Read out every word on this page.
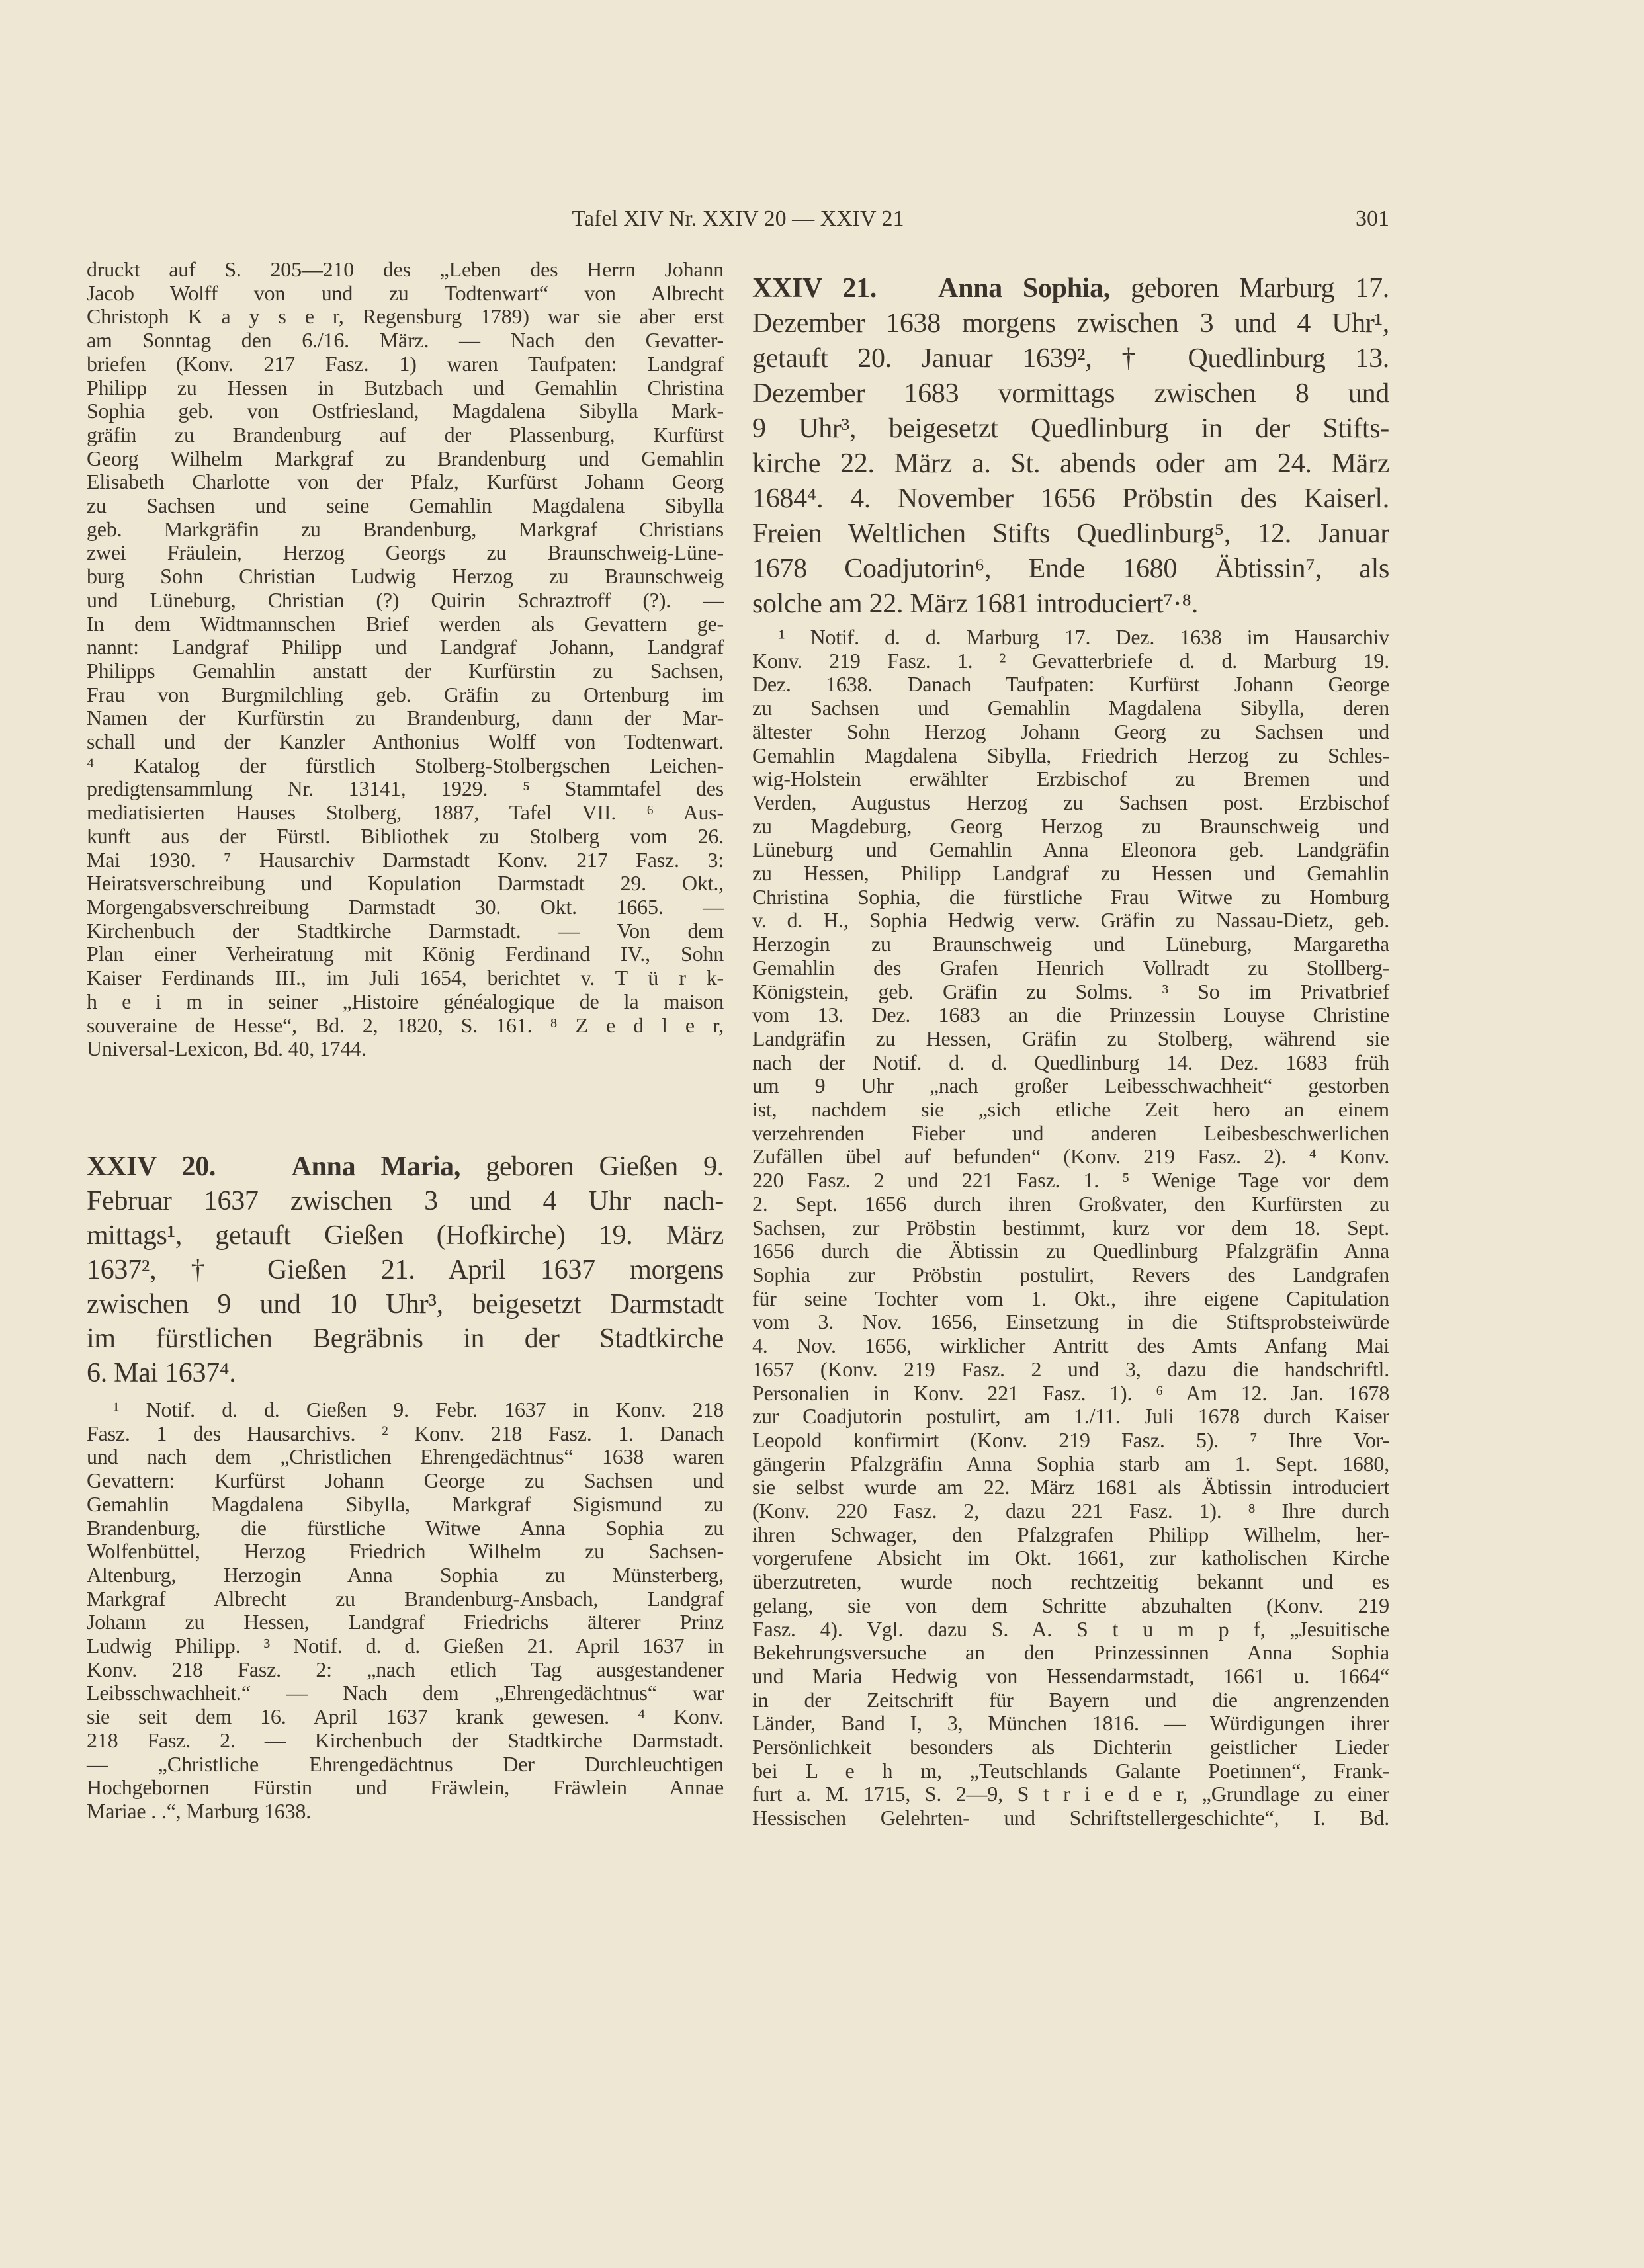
Tafel XIV Nr. XXIV 20 — XXIV 21	301
druckt auf S. 205—210 des „Leben des Herrn Johann
Jacob Wolff von und zu Todtenwart“ von Albrecht
Christoph K a y s e r, Regensburg 1789) war sie aber erst
am Sonntag den 6./16. März. — Nach den Gevatter-
briefen (Konv. 217 Fasz. 1) waren Taufpaten: Landgraf
Philipp zu Hessen in Butzbach und Gemahlin Christina
Sophia geb. von Ostfriesland, Magdalena Sibylla Mark-
gräfin zu Brandenburg auf der Plassenburg, Kurfürst
Georg Wilhelm Markgraf zu Brandenburg und Gemahlin
Elisabeth Charlotte von der Pfalz, Kurfürst Johann Georg
zu Sachsen und seine Gemahlin Magdalena Sibylla
geb. Markgräfin zu Brandenburg, Markgraf Christians
zwei Fräulein, Herzog Georgs zu Braunschweig-Lüne-
burg Sohn Christian Ludwig Herzog zu Braunschweig
und Lüneburg, Christian (?) Quirin Schraztroff (?). —
In dem Widtmannschen Brief werden als Gevattern ge-
nannt: Landgraf Philipp und Landgraf Johann, Landgraf
Philipps Gemahlin anstatt der Kurfürstin zu Sachsen,
Frau von Burgmilchling geb. Gräfin zu Ortenburg im
Namen der Kurfürstin zu Brandenburg, dann der Mar-
schall und der Kanzler Anthonius Wolff von Todtenwart.
⁴ Katalog der fürstlich Stolberg-Stolbergschen Leichen-
predigtensammlung Nr. 13141, 1929. ⁵ Stammtafel des
mediatisierten Hauses Stolberg, 1887, Tafel VII. ⁶ Aus-
kunft aus der Fürstl. Bibliothek zu Stolberg vom 26.
Mai 1930. ⁷ Hausarchiv Darmstadt Konv. 217 Fasz. 3:
Heiratsverschreibung und Kopulation Darmstadt 29. Okt.,
Morgengabsverschreibung Darmstadt 30. Okt. 1665. —
Kirchenbuch der Stadtkirche Darmstadt. — Von dem
Plan einer Verheiratung mit König Ferdinand IV., Sohn
Kaiser Ferdinands III., im Juli 1654, berichtet v. T ü r k-
h e i m in seiner „Histoire généalogique de la maison
souveraine de Hesse“, Bd. 2, 1820, S. 161. ⁸ Z e d l e r,
Universal-Lexicon, Bd. 40, 1744.
XXIV 20.	Anna Maria, geboren Gießen 9.
Februar 1637 zwischen 3 und 4 Uhr nach-
mittags¹, getauft Gießen (Hofkirche) 19. März
1637², † Gießen 21. April 1637 morgens
zwischen 9 und 10 Uhr³, beigesetzt Darmstadt
im fürstlichen Begräbnis in der Stadtkirche
6. Mai 1637⁴.
¹ Notif. d. d. Gießen 9. Febr. 1637 in Konv. 218
Fasz. 1 des Hausarchivs. ² Konv. 218 Fasz. 1. Danach
und nach dem „Christlichen Ehrengedächtnus“ 1638 waren
Gevattern: Kurfürst Johann George zu Sachsen und
Gemahlin Magdalena Sibylla, Markgraf Sigismund zu
Brandenburg, die fürstliche Witwe Anna Sophia zu
Wolfenbüttel, Herzog Friedrich Wilhelm zu Sachsen-
Altenburg, Herzogin Anna Sophia zu Münsterberg,
Markgraf Albrecht zu Brandenburg-Ansbach, Landgraf
Johann zu Hessen, Landgraf Friedrichs älterer Prinz
Ludwig Philipp. ³ Notif. d. d. Gießen 21. April 1637 in
Konv. 218 Fasz. 2: „nach etlich Tag ausgestandener
Leibsschwachheit.“ — Nach dem „Ehrengedächtnus“ war
sie seit dem 16. April 1637 krank gewesen. ⁴ Konv.
218 Fasz. 2. — Kirchenbuch der Stadtkirche Darmstadt.
— „Christliche Ehrengedächtnus Der Durchleuchtigen
Hochgebornen Fürstin und Fräwlein, Fräwlein Annae
Mariae . .“, Marburg 1638.
XXIV 21. Anna Sophia, geboren Marburg 17.
Dezember 1638 morgens zwischen 3 und 4 Uhr¹,
getauft 20. Januar 1639², † Quedlinburg 13.
Dezember 1683 vormittags zwischen 8 und
9 Uhr³, beigesetzt Quedlinburg in der Stifts-
kirche 22. März a. St. abends oder am 24. März
1684⁴. 4. November 1656 Pröbstin des Kaiserl.
Freien Weltlichen Stifts Quedlinburg⁵, 12. Januar
1678 Coadjutorin⁶, Ende 1680 Äbtissin⁷, als
solche am 22. März 1681 introduciert⁷·⁸.
¹ Notif. d. d. Marburg 17. Dez. 1638 im Hausarchiv
Konv. 219 Fasz. 1. ² Gevatterbriefe d. d. Marburg 19.
Dez. 1638. Danach Taufpaten: Kurfürst Johann George
zu Sachsen und Gemahlin Magdalena Sibylla, deren
ältester Sohn Herzog Johann Georg zu Sachsen und
Gemahlin Magdalena Sibylla, Friedrich Herzog zu Schles-
wig-Holstein erwählter Erzbischof zu Bremen und
Verden, Augustus Herzog zu Sachsen post. Erzbischof
zu Magdeburg, Georg Herzog zu Braunschweig und
Lüneburg und Gemahlin Anna Eleonora geb. Landgräfin
zu Hessen, Philipp Landgraf zu Hessen und Gemahlin
Christina Sophia, die fürstliche Frau Witwe zu Homburg
v. d. H., Sophia Hedwig verw. Gräfin zu Nassau-Dietz, geb.
Herzogin zu Braunschweig und Lüneburg, Margaretha
Gemahlin des Grafen Henrich Vollradt zu Stollberg-
Königstein, geb. Gräfin zu Solms. ³ So im Privatbrief
vom 13. Dez. 1683 an die Prinzessin Louyse Christine
Landgräfin zu Hessen, Gräfin zu Stolberg, während sie
nach der Notif. d. d. Quedlinburg 14. Dez. 1683 früh
um 9 Uhr „nach großer Leibesschwachheit“ gestorben
ist, nachdem sie „sich etliche Zeit hero an einem
verzehrenden Fieber und anderen Leibesbeschwerlichen
Zufällen übel auf befunden“ (Konv. 219 Fasz. 2). ⁴ Konv.
220 Fasz. 2 und 221 Fasz. 1. ⁵ Wenige Tage vor dem
2. Sept. 1656 durch ihren Großvater, den Kurfürsten zu
Sachsen, zur Pröbstin bestimmt, kurz vor dem 18. Sept.
1656 durch die Äbtissin zu Quedlinburg Pfalzgräfin Anna
Sophia zur Pröbstin postulirt, Revers des Landgrafen
für seine Tochter vom 1. Okt., ihre eigene Capitulation
vom 3. Nov. 1656, Einsetzung in die Stiftsprobsteiwürde
4. Nov. 1656, wirklicher Antritt des Amts Anfang Mai
1657 (Konv. 219 Fasz. 2 und 3, dazu die handschriftl.
Personalien in Konv. 221 Fasz. 1). ⁶ Am 12. Jan. 1678
zur Coadjutorin postulirt, am 1./11. Juli 1678 durch Kaiser
Leopold konfirmirt (Konv. 219 Fasz. 5). ⁷ Ihre Vor-
gängerin Pfalzgräfin Anna Sophia starb am 1. Sept. 1680,
sie selbst wurde am 22. März 1681 als Äbtissin introduciert
(Konv. 220 Fasz. 2, dazu 221 Fasz. 1). ⁸ Ihre durch
ihren Schwager, den Pfalzgrafen Philipp Wilhelm, her-
vorgerufene Absicht im Okt. 1661, zur katholischen Kirche
überzutreten, wurde noch rechtzeitig bekannt und es
gelang, sie von dem Schritte abzuhalten (Konv. 219
Fasz. 4). Vgl. dazu S. A. S t u m p f, „Jesuitische
Bekehrungsversuche an den Prinzessinnen Anna Sophia
und Maria Hedwig von Hessendarmstadt, 1661 u. 1664“
in der Zeitschrift für Bayern und die angrenzenden
Länder, Band I, 3, München 1816. — Würdigungen ihrer
Persönlichkeit besonders als Dichterin geistlicher Lieder
bei L e h m, „Teutschlands Galante Poetinnen“, Frank-
furt a. M. 1715, S. 2—9, S t r i e d e r, „Grundlage zu einer
Hessischen Gelehrten- und Schriftstellergeschichte“, I. Bd.
